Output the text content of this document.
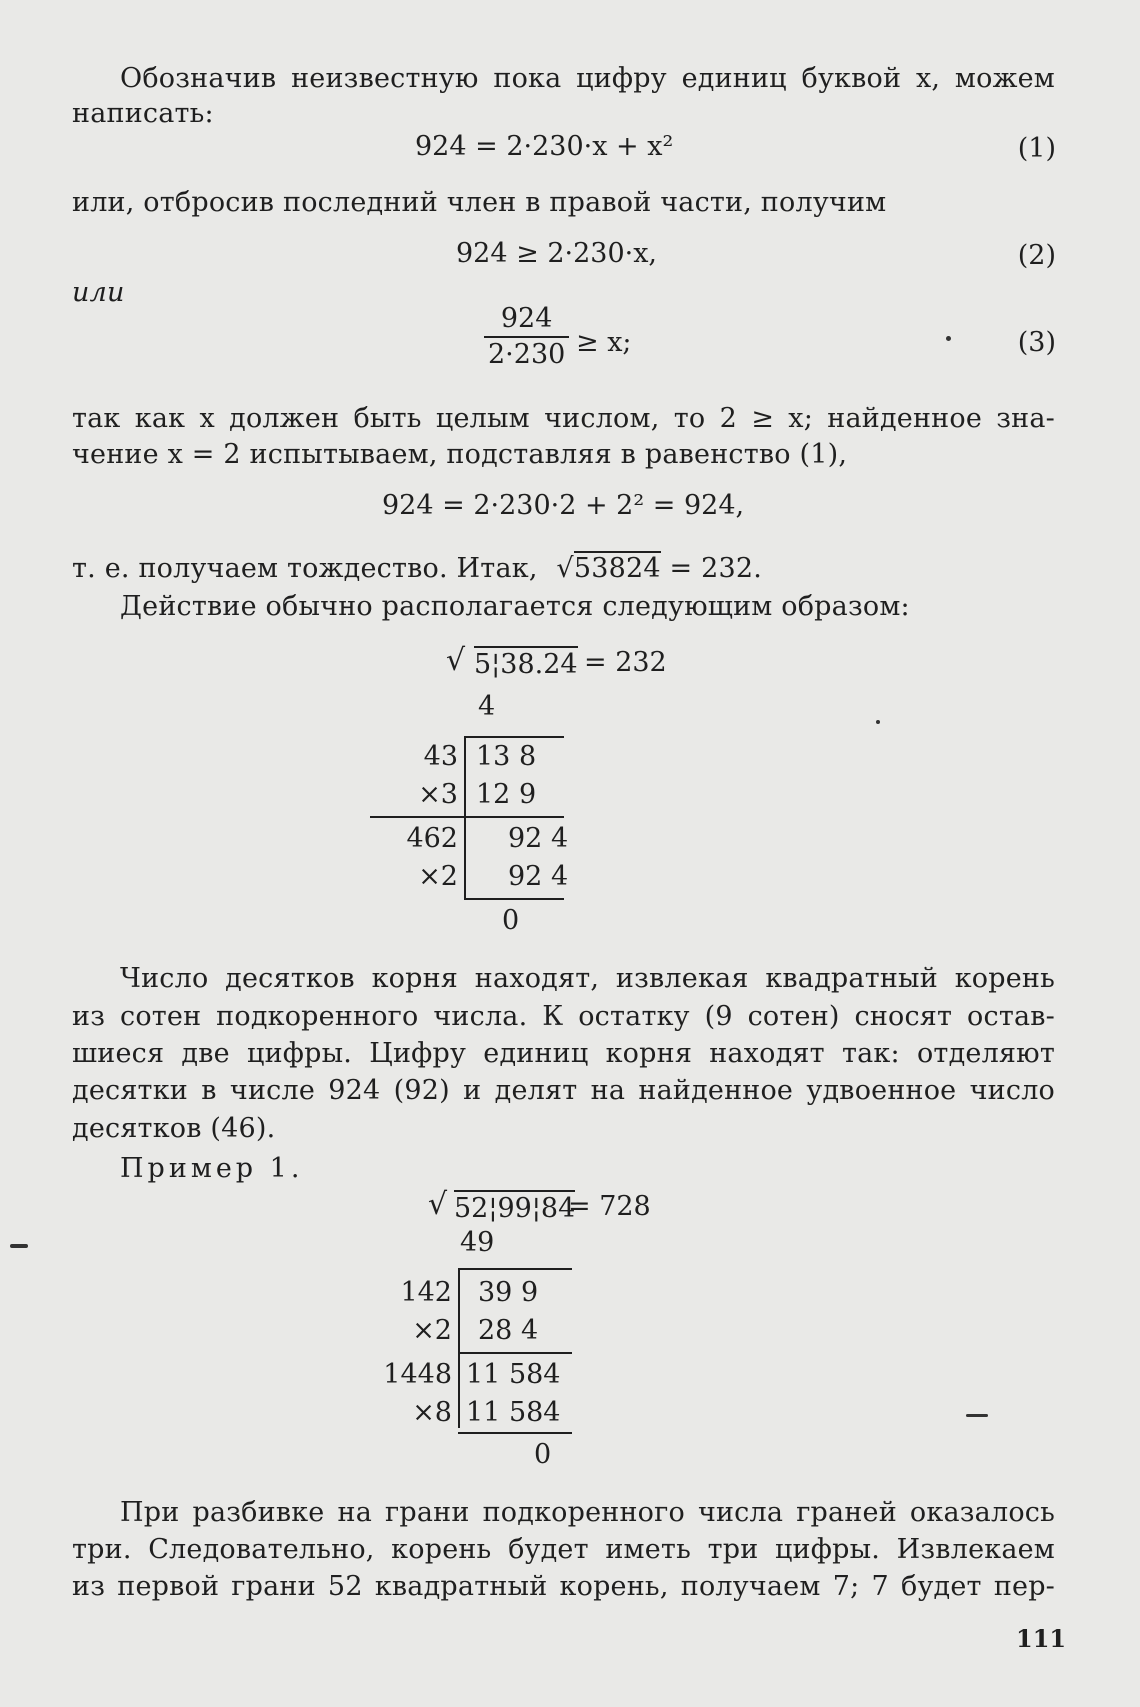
Обозначив неизвестную пока цифру единиц буквой x, можем
написать:
924 = 2·230·x + x²	(1)
или, отбросив последний член в правой части, получим
924 ≥ 2·230·x,	(2)
или
$\frac{924}{2\cdot 230} \ge x$;	(3)
так как x должен быть целым числом, то 2 ≥ x; найденное зна-
чение x = 2 испытываем, подставляя в равенство (1),
924 = 2·230·2 + 2² = 924,
т. е. получаем тождество. Итак, √53824 = 232.
Действие обычно располагается следующим образом:
√ 5¦38.24 = 232
4
43 13 8
×3 12 9
462 92 4
×2 92 4
0
Число десятков корня находят, извлекая квадратный корень
из сотен подкоренного числа. К остатку (9 сотен) сносят остав-
шиеся две цифры. Цифру единиц корня находят так: отделяют
десятки в числе 924 (92) и делят на найденное удвоенное число
десятков (46).
Пример 1.
√ 52¦99¦84
= 728
49
142 39 9
×2 28 4
1448 11 584
×8 11 584
0
При разбивке на грани подкоренного числа граней оказалось
три. Следовательно, корень будет иметь три цифры. Извлекаем
из первой грани 52 квадратный корень, получаем 7; 7 будет пер-
111
